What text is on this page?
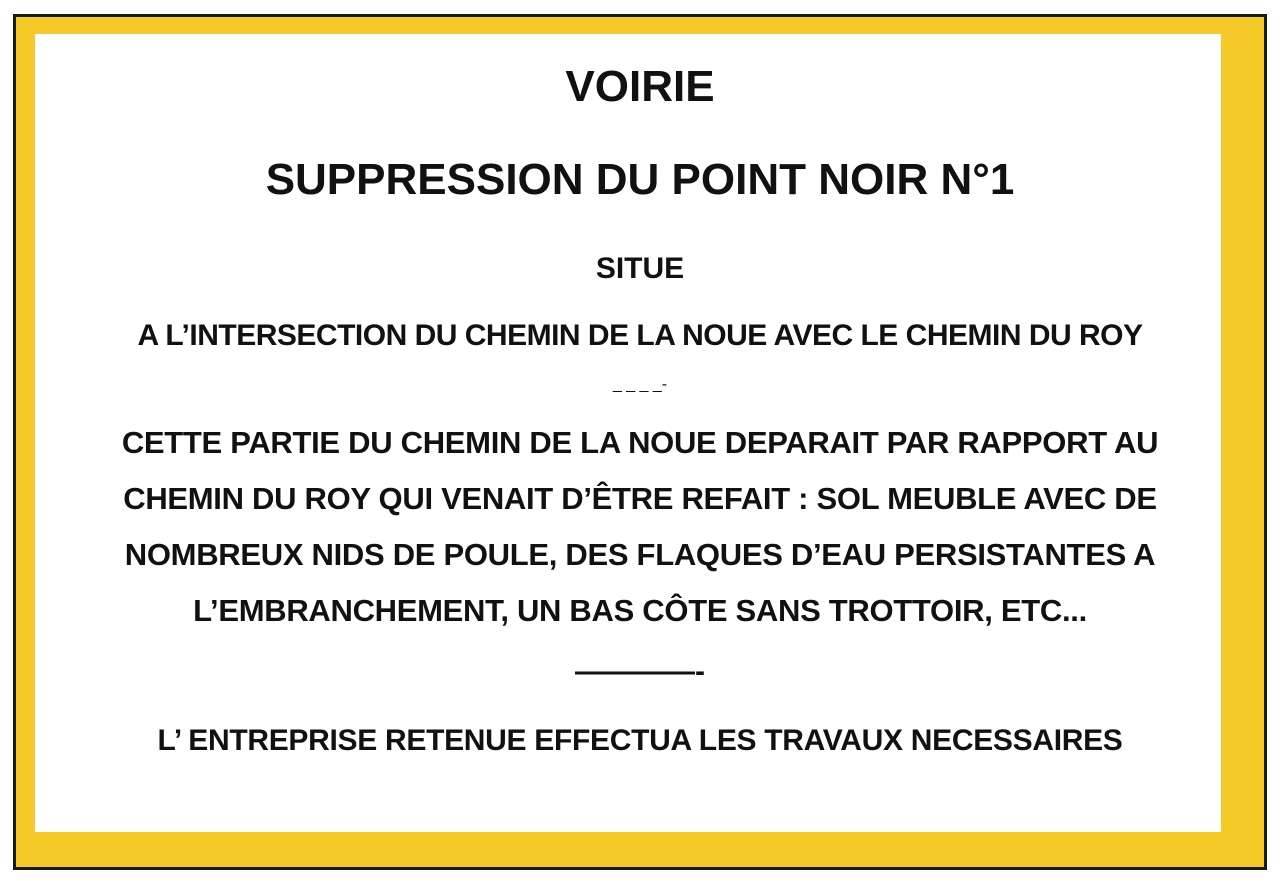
VOIRIE
SUPPRESSION DU POINT NOIR N°1

SITUE

A L’INTERSECTION DU CHEMIN DE LA NOUE AVEC LE CHEMIN DU ROY

_ _ _ _-

CETTE PARTIE DU CHEMIN DE LA NOUE DEPARAIT PAR RAPPORT AU
CHEMIN DU ROY QUI VENAIT D’ÊTRE REFAIT : SOL MEUBLE AVEC DE
NOMBREUX NIDS DE POULE, DES FLAQUES D’EAU PERSISTANTES A
L’EMBRANCHEMENT, UN BAS CÔTE SANS TROTTOIR, ETC...

————-

L’ ENTREPRISE RETENUE EFFECTUA LES TRAVAUX NECESSAIRES
